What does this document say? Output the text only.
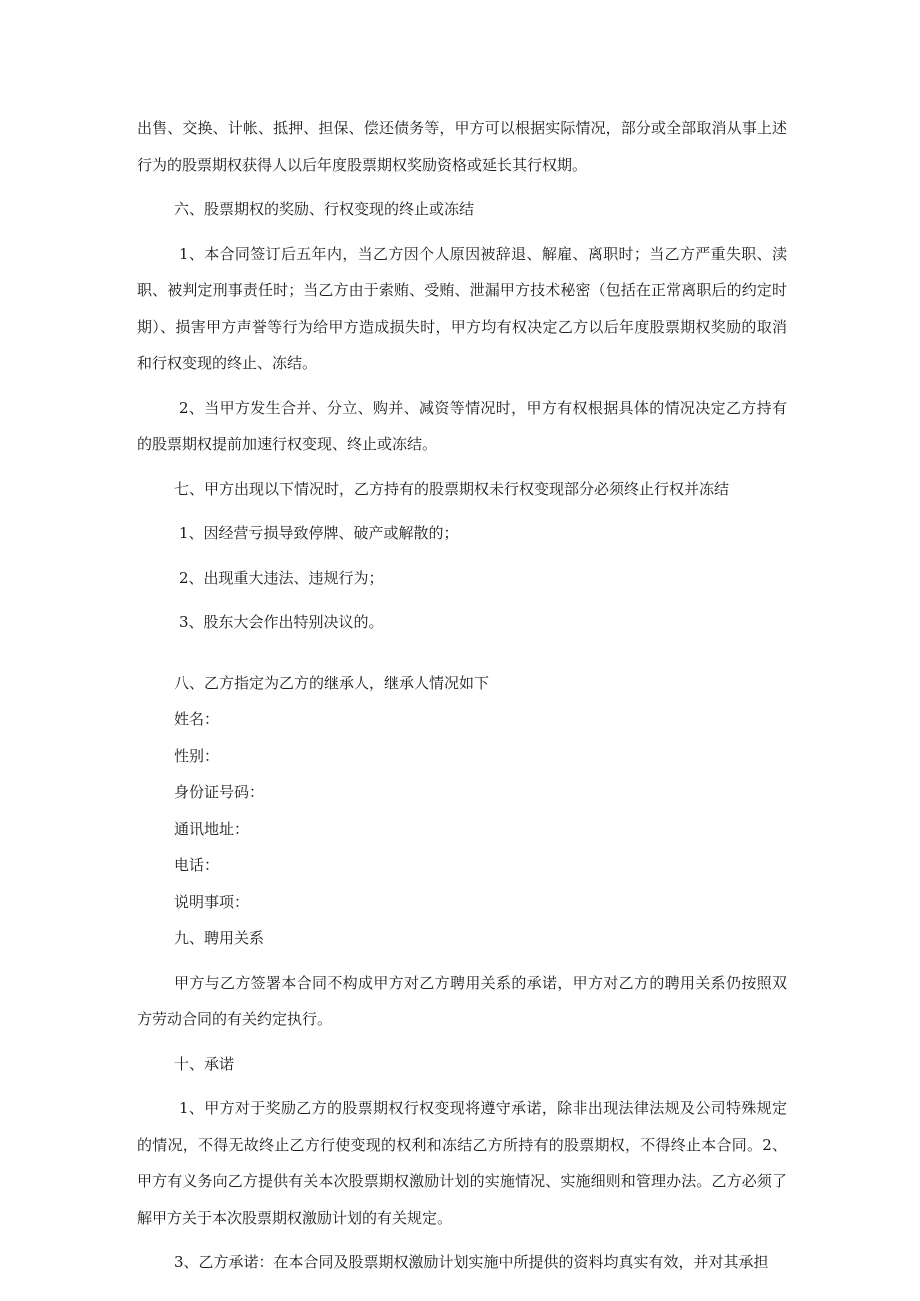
出售、交换、计帐、抵押、担保、偿还债务等，甲方可以根据实际情况，部分或全部取消从事上述行为的股票期权获得人以后年度股票期权奖励资格或延长其行权期。

六、股票期权的奖励、行权变现的终止或冻结

1、本合同签订后五年内，当乙方因个人原因被辞退、解雇、离职时；当乙方严重失职、渎职、被判定刑事责任时；当乙方由于索贿、受贿、泄漏甲方技术秘密（包括在正常离职后的约定时期）、损害甲方声誉等行为给甲方造成损失时，甲方均有权决定乙方以后年度股票期权奖励的取消和行权变现的终止、冻结。

2、当甲方发生合并、分立、购并、减资等情况时，甲方有权根据具体的情况决定乙方持有的股票期权提前加速行权变现、终止或冻结。

七、甲方出现以下情况时，乙方持有的股票期权未行权变现部分必须终止行权并冻结

1、因经营亏损导致停牌、破产或解散的；

2、出现重大违法、违规行为；

3、股东大会作出特别决议的。

八、乙方指定为乙方的继承人，继承人情况如下

姓名：

性别：

身份证号码：

通讯地址：

电话：

说明事项：

九、聘用关系

甲方与乙方签署本合同不构成甲方对乙方聘用关系的承诺，甲方对乙方的聘用关系仍按照双方劳动合同的有关约定执行。

十、承诺

1、甲方对于奖励乙方的股票期权行权变现将遵守承诺，除非出现法律法规及公司特殊规定的情况，不得无故终止乙方行使变现的权利和冻结乙方所持有的股票期权，不得终止本合同。2、甲方有义务向乙方提供有关本次股票期权激励计划的实施情况、实施细则和管理办法。乙方必须了解甲方关于本次股票期权激励计划的有关规定。

3、乙方承诺：在本合同及股票期权激励计划实施中所提供的资料均真实有效，并对其承担
